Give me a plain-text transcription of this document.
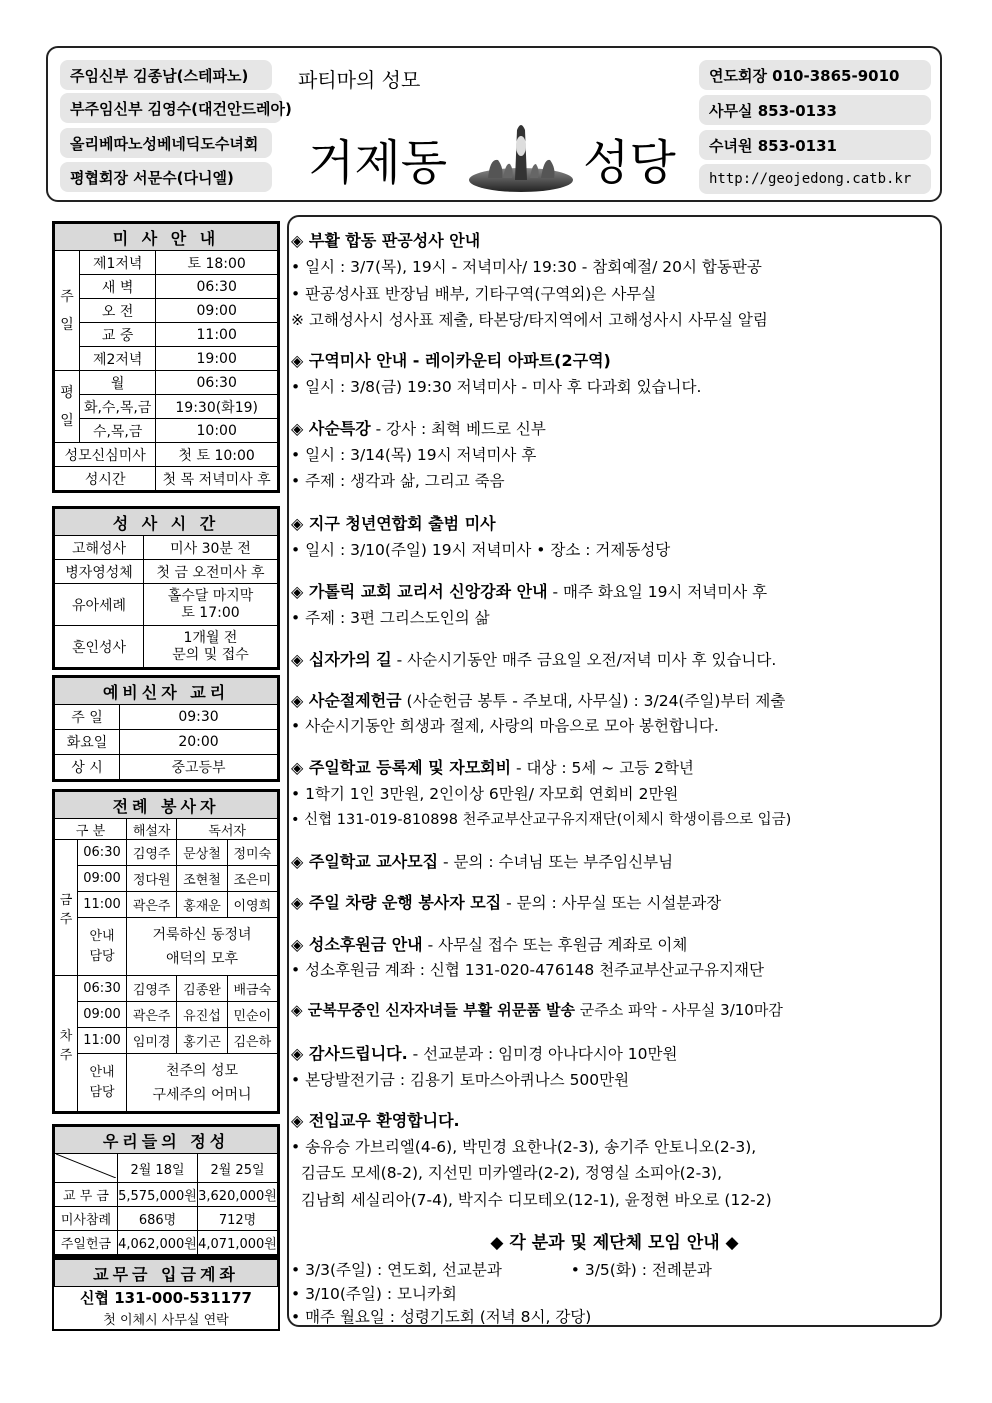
주임신부 김종남(스테파노)
부주임신부 김영수(대건안드레아)
올리베따노성베네딕도수녀회
평협회장 서문수(다니엘)
파티마의 성모
거제동	성당
연도회장 010-3865-9010
사무실 853-0133
수녀원 853-0131
http://geojedong.catb.kr
미 사 안 내		
주
일	제1저녁	토 18:00
	새 벽	06:30
	오 전	09:00
	교 중	11:00
	제2저녁	19:00
평
일	월	06:30
	화,수,목,금	19:30(화19)
	수,목,금	10:00
성모신심미사		첫 토 10:00
성시간		첫 목 저녁미사 후
성 사 시 간	
고해성사	미사 30분 전
병자영성체	첫 금 오전미사 후
유아세례	홀수달 마지막
토 17:00
혼인성사	1개월 전
문의 및 접수
예비신자 교리	
주 일	09:30
화요일	20:00
상 시	중고등부
전례 봉사자				
구 분		해설자	독서자	
금
주	06:30	김영주	문상철	정미숙
	09:00	정다원	조현철	조은미
	11:00	곽은주	홍재운	이영희
	안내
담당	거룩하신 동정녀
애덕의 모후		
차
주	06:30	김영주	김종완	배금숙
	09:00	곽은주	유진섭	민순이
	11:00	임미경	홍기곤	김은하
	안내
담당	천주의 성모
구세주의 어머니		
우리들의 정성		
	2월 18일	2월 25일
교 무 금	5,575,000원	3,620,000원
미사참례	686명	712명
주일헌금	4,062,000원	4,071,000원
교무금 입금계좌
신협 131-000-531177
첫 이체시 사무실 연락
◈ 부활 합동 판공성사 안내
• 일시 : 3/7(목), 19시 - 저녁미사/ 19:30 - 참회예절/ 20시 합동판공
• 판공성사표 반장님 배부, 기타구역(구역외)은 사무실
※ 고해성사시 성사표 제출, 타본당/타지역에서 고해성사시 사무실 알림
◈ 구역미사 안내 - 레이카운티 아파트(2구역)
• 일시 : 3/8(금) 19:30 저녁미사 - 미사 후 다과회 있습니다.
◈ 사순특강 - 강사 : 최혁 베드로 신부
• 일시 : 3/14(목) 19시 저녁미사 후
• 주제 : 생각과 삶, 그리고 죽음
◈ 지구 청년연합회 출범 미사
• 일시 : 3/10(주일) 19시 저녁미사 • 장소 : 거제동성당
◈ 가톨릭 교회 교리서 신앙강좌 안내 - 매주 화요일 19시 저녁미사 후
• 주제 : 3편 그리스도인의 삶
◈ 십자가의 길 - 사순시기동안 매주 금요일 오전/저녁 미사 후 있습니다.
◈ 사순절제헌금 (사순헌금 봉투 - 주보대, 사무실) : 3/24(주일)부터 제출
• 사순시기동안 희생과 절제, 사랑의 마음으로 모아 봉헌합니다.
◈ 주일학교 등록제 및 자모회비 - 대상 : 5세 ~ 고등 2학년
• 1학기 1인 3만원, 2인이상 6만원/ 자모회 연회비 2만원
• 신협 131-019-810898 천주교부산교구유지재단(이체시 학생이름으로 입금)
◈ 주일학교 교사모집 - 문의 : 수녀님 또는 부주임신부님
◈ 주일 차량 운행 봉사자 모집 - 문의 : 사무실 또는 시설분과장
◈ 성소후원금 안내 - 사무실 접수 또는 후원금 계좌로 이체
• 성소후원금 계좌 : 신협 131-020-476148 천주교부산교구유지재단
◈ 군복무중인 신자자녀들 부활 위문품 발송 군주소 파악 - 사무실 3/10마감
◈ 감사드립니다. - 선교분과 : 임미경 아나다시아 10만원
• 본당발전기금 : 김용기 토마스아퀴나스 500만원
◈ 전입교우 환영합니다.
• 송유승 가브리엘(4-6), 박민경 요한나(2-3), 송기주 안토니오(2-3),
김금도 모세(8-2), 지선민 미카엘라(2-2), 정영실 소피아(2-3),
김남희 세실리아(7-4), 박지수 디모테오(12-1), 윤정현 바오로 (12-2)
◆ 각 분과 및 제단체 모임 안내 ◆
• 3/3(주일) : 연도회, 선교분과              • 3/5(화) : 전례분과
• 3/10(주일) : 모니카회
• 매주 월요일 : 성령기도회 (저녁 8시, 강당)
